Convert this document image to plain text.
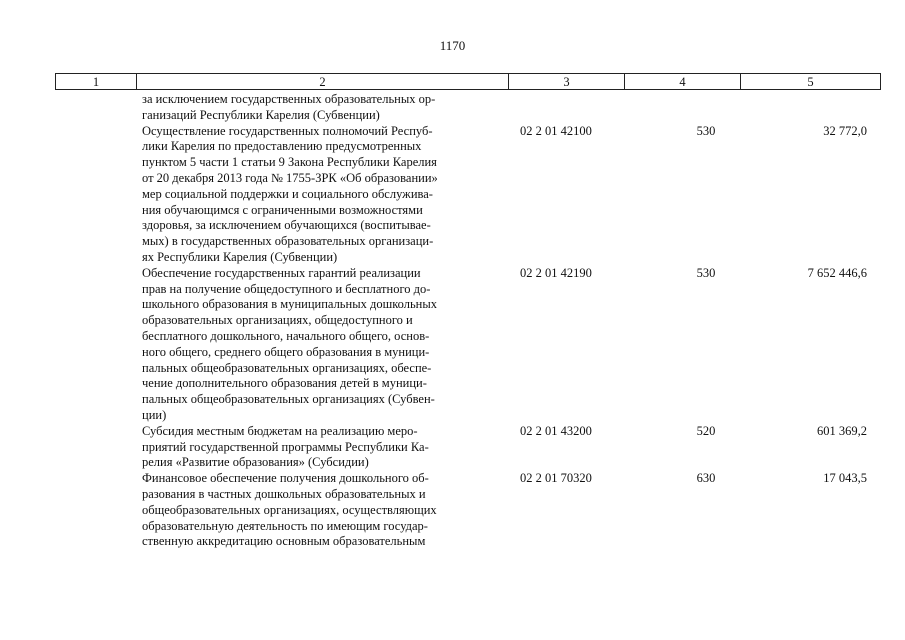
1170
1	2	3	4	5
за исключением государственных образовательных ор-
ганизаций Республики Карелия (Субвенции)
Осуществление государственных полномочий Респуб-
лики Карелия по предоставлению предусмотренных
пунктом 5 части 1 статьи 9 Закона Республики Карелия
от 20 декабря 2013 года № 1755-ЗРК «Об образовании»
мер социальной поддержки и социального обслужива-
ния обучающимся с ограниченными возможностями
здоровья, за исключением обучающихся (воспитывае-
мых) в государственных образовательных организаци-
ях Республики Карелия (Субвенции)
02 2 01 42100	530	32 772,0
Обеспечение государственных гарантий реализации
прав на получение общедоступного и бесплатного до-
школьного образования в муниципальных дошкольных
образовательных организациях, общедоступного и
бесплатного дошкольного, начального общего, основ-
ного общего, среднего общего образования в муници-
пальных общеобразовательных организациях, обеспе-
чение дополнительного образования детей в муници-
пальных общеобразовательных организациях (Субвен-
ции)
02 2 01 42190	530	7 652 446,6
Субсидия местным бюджетам на реализацию меро-
приятий государственной программы Республики Ка-
релия «Развитие образования» (Субсидии)
02 2 01 43200	520	601 369,2
Финансовое обеспечение получения дошкольного об-
разования в частных дошкольных образовательных и
общеобразовательных организациях, осуществляющих
образовательную деятельность по имеющим государ-
ственную аккредитацию основным образовательным
02 2 01 70320	630	17 043,5
